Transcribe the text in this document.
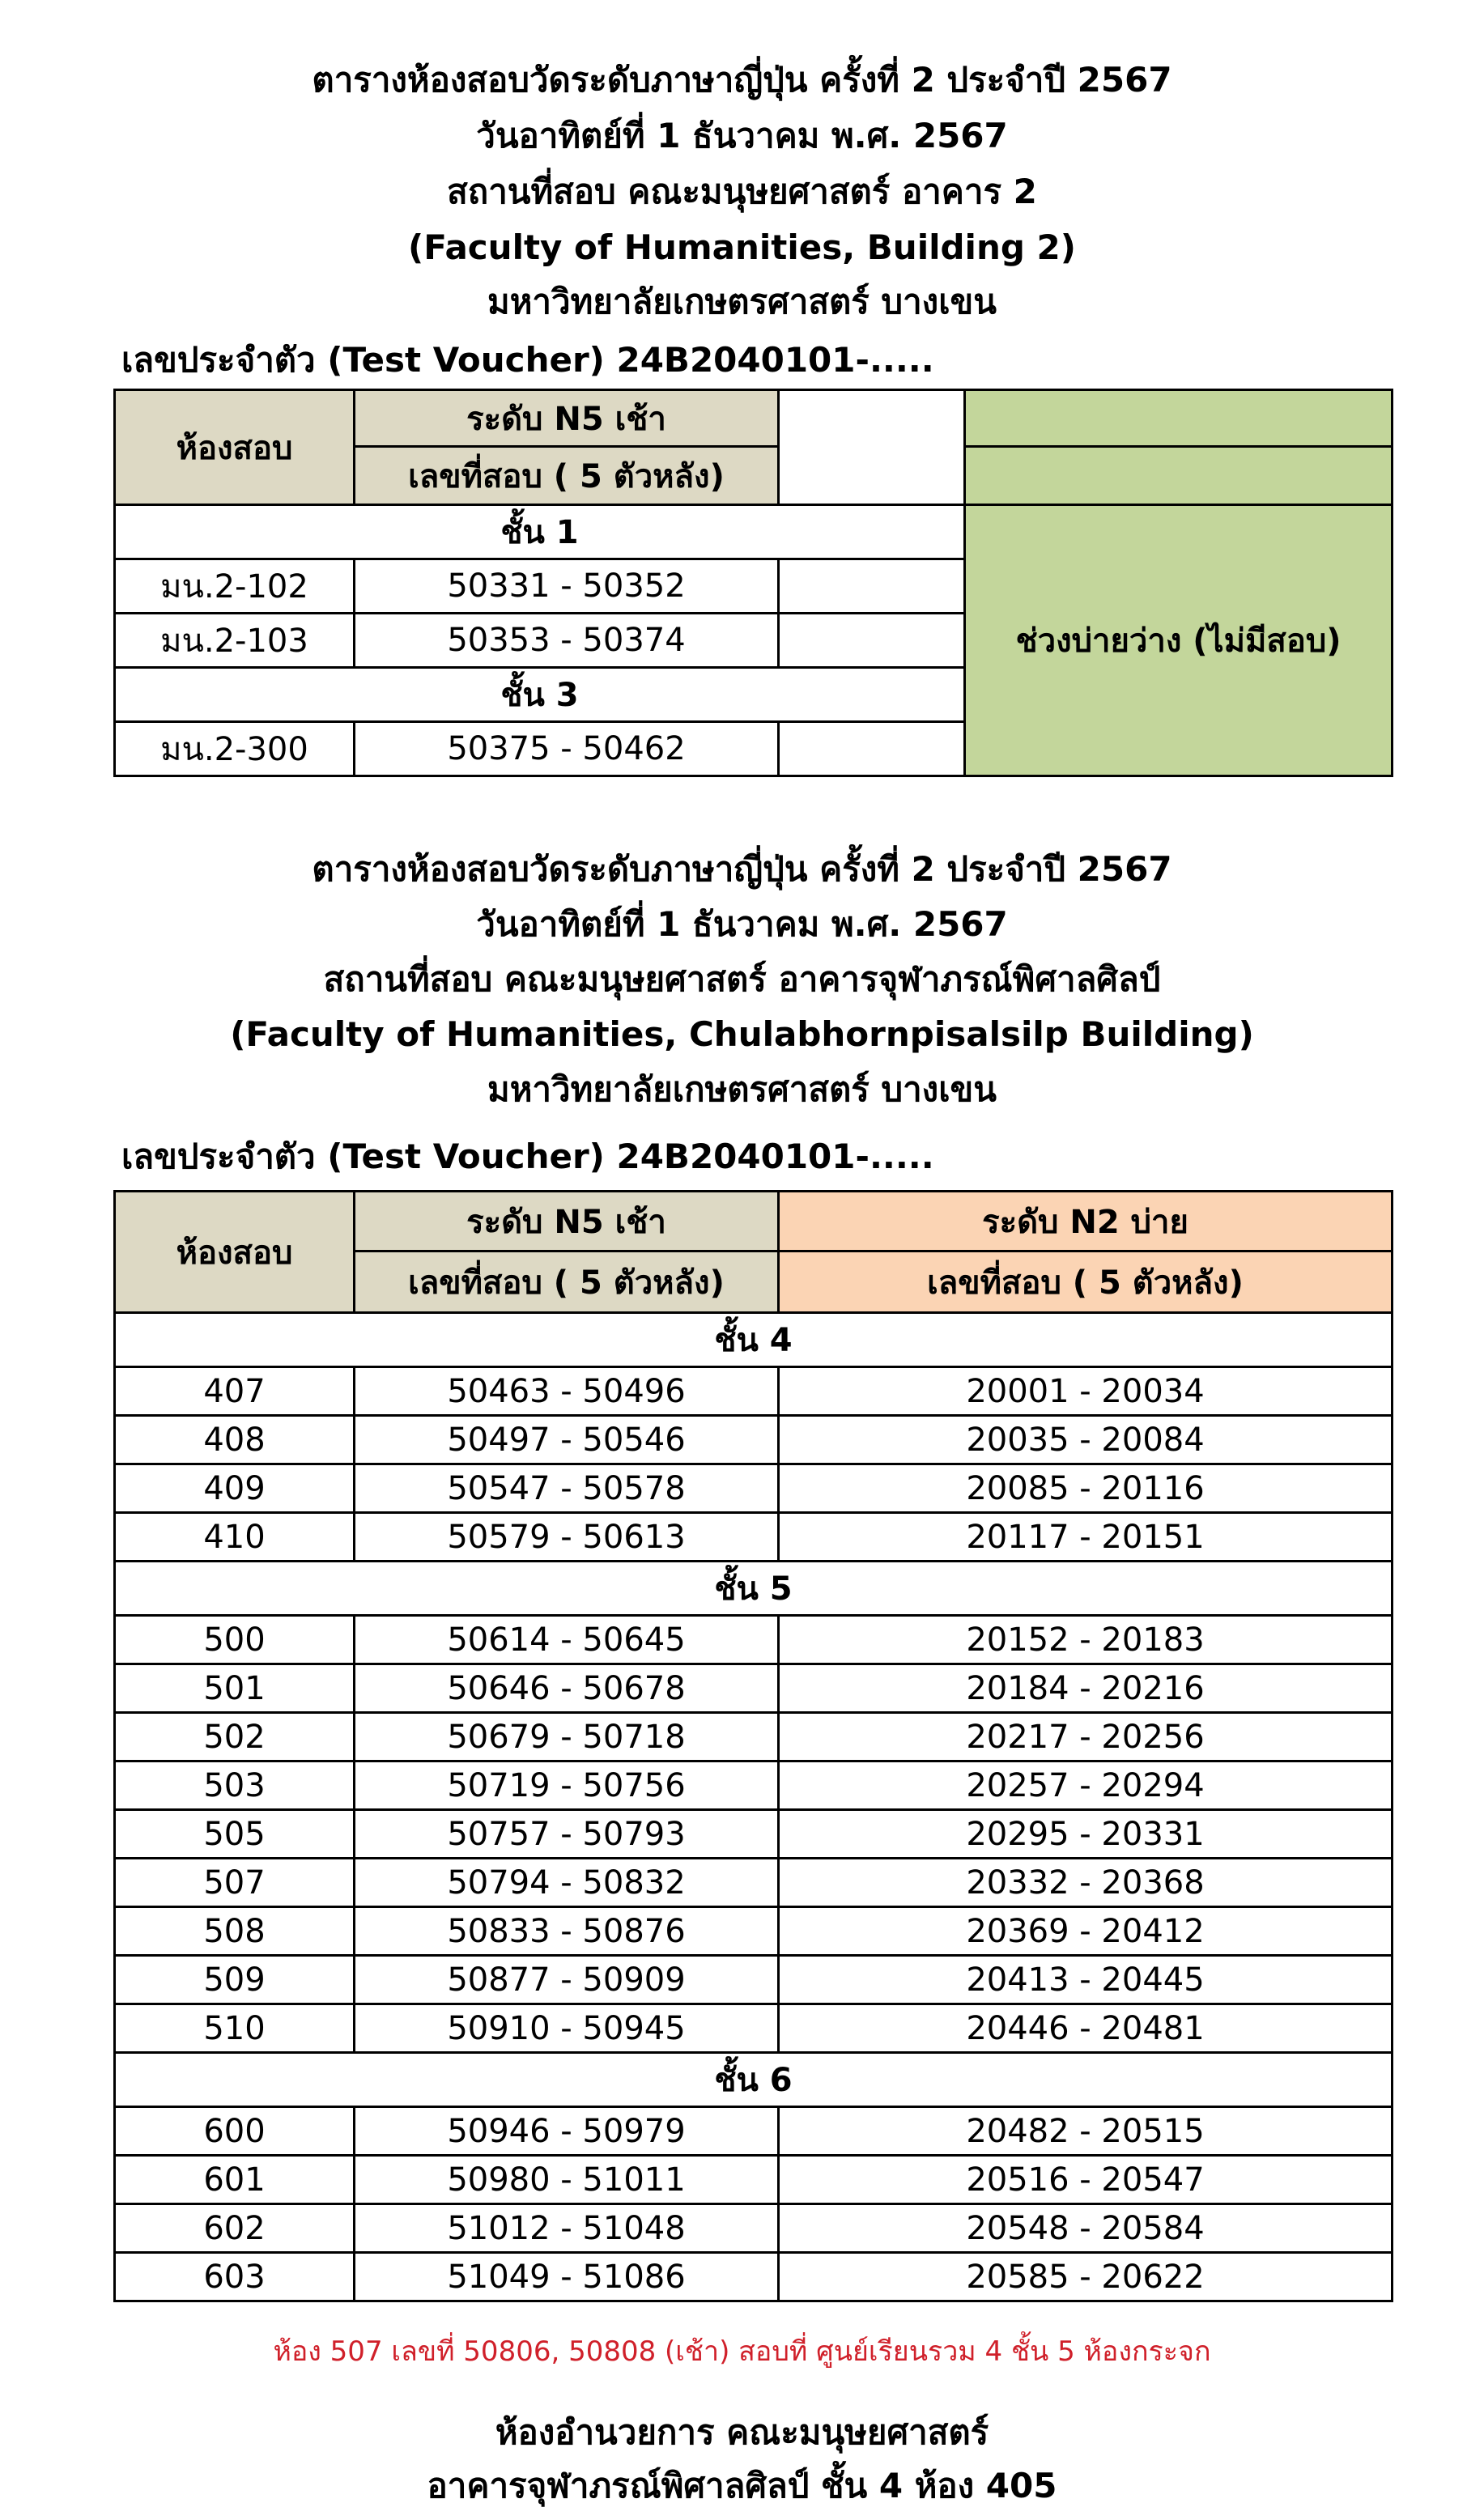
ตารางห้องสอบวัดระดับภาษาญี่ปุ่น ครั้งที่ 2 ประจำปี 2567
วันอาทิตย์ที่ 1 ธันวาคม พ.ศ. 2567
สถานที่สอบ คณะมนุษยศาสตร์ อาคาร 2
(Faculty of Humanities, Building 2)
มหาวิทยาลัยเกษตรศาสตร์ บางเขน
เลขประจำตัว (Test Voucher) 24B2040101-.....
ห้องสอบ	ระดับ N5 เช้า		
	เลขที่สอบ ( 5 ตัวหลัง)		
ชั้น 1			ช่วงบ่ายว่าง (ไม่มีสอบ)
มน.2-102	50331 - 50352		
มน.2-103	50353 - 50374		
ชั้น 3			
มน.2-300	50375 - 50462		
ตารางห้องสอบวัดระดับภาษาญี่ปุ่น ครั้งที่ 2 ประจำปี 2567
วันอาทิตย์ที่ 1 ธันวาคม พ.ศ. 2567
สถานที่สอบ คณะมนุษยศาสตร์ อาคารจุฬาภรณ์พิศาลศิลป์
(Faculty of Humanities, Chulabhornpisalsilp Building)
มหาวิทยาลัยเกษตรศาสตร์ บางเขน
เลขประจำตัว (Test Voucher) 24B2040101-.....
ห้องสอบ	ระดับ N5 เช้า	ระดับ N2 บ่าย
	เลขที่สอบ ( 5 ตัวหลัง)	เลขที่สอบ ( 5 ตัวหลัง)
ชั้น 4		
407	50463 - 50496	20001 - 20034
408	50497 - 50546	20035 - 20084
409	50547 - 50578	20085 - 20116
410	50579 - 50613	20117 - 20151
ชั้น 5		
500	50614 - 50645	20152 - 20183
501	50646 - 50678	20184 - 20216
502	50679 - 50718	20217 - 20256
503	50719 - 50756	20257 - 20294
505	50757 - 50793	20295 - 20331
507	50794 - 50832	20332 - 20368
508	50833 - 50876	20369 - 20412
509	50877 - 50909	20413 - 20445
510	50910 - 50945	20446 - 20481
ชั้น 6		
600	50946 - 50979	20482 - 20515
601	50980 - 51011	20516 - 20547
602	51012 - 51048	20548 - 20584
603	51049 - 51086	20585 - 20622
ห้อง 507 เลขที่ 50806, 50808 (เช้า) สอบที่ ศูนย์เรียนรวม 4 ชั้น 5 ห้องกระจก
ห้องอำนวยการ คณะมนุษยศาสตร์
อาคารจุฬาภรณ์พิศาลศิลป์ ชั้น 4 ห้อง 405
